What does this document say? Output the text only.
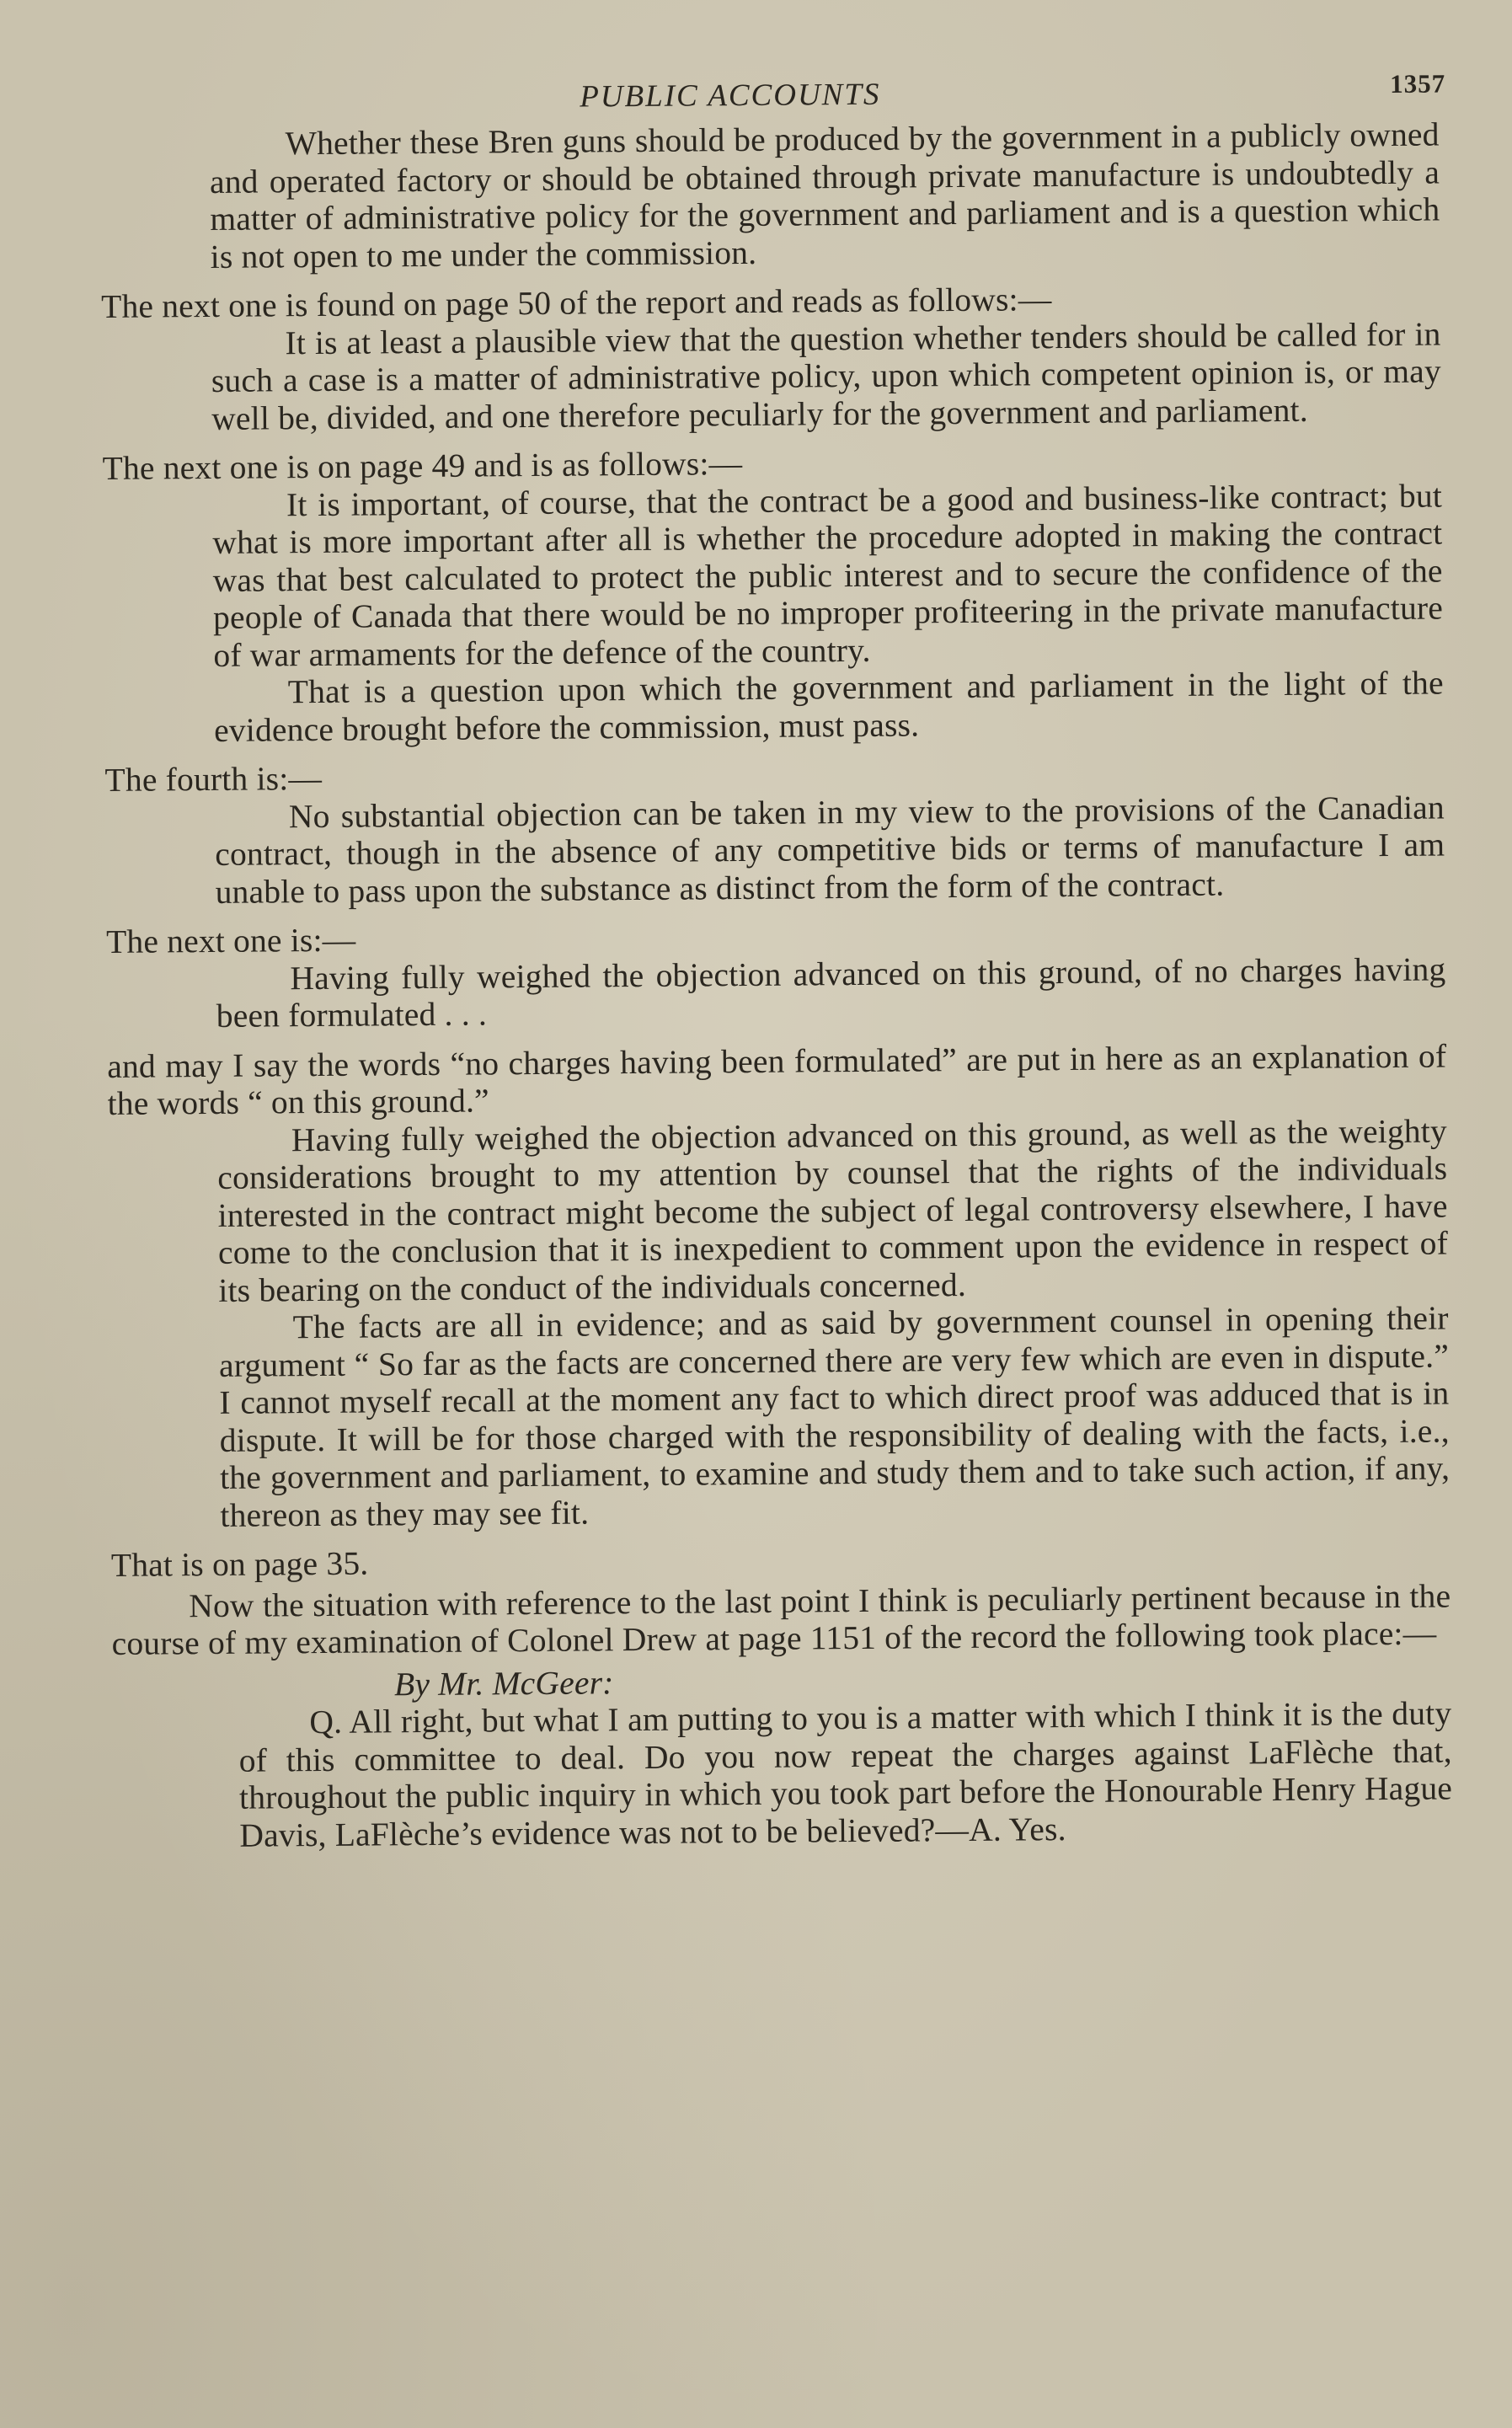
PUBLIC ACCOUNTS	1357

Whether these Bren guns should be produced by the government in a publicly owned and operated factory or should be obtained through private manufacture is undoubtedly a matter of administrative policy for the government and parliament and is a question which is not open to me under the commission.

The next one is found on page 50 of the report and reads as follows:—

It is at least a plausible view that the question whether tenders should be called for in such a case is a matter of administrative policy, upon which competent opinion is, or may well be, divided, and one therefore peculiarly for the government and parliament.

The next one is on page 49 and is as follows:—

It is important, of course, that the contract be a good and business-like contract; but what is more important after all is whether the procedure adopted in making the contract was that best calculated to protect the public interest and to secure the confidence of the people of Canada that there would be no improper profiteering in the private manufacture of war armaments for the defence of the country.

That is a question upon which the government and parliament in the light of the evidence brought before the commission, must pass.

The fourth is:—

No substantial objection can be taken in my view to the provisions of the Canadian contract, though in the absence of any competitive bids or terms of manufacture I am unable to pass upon the substance as distinct from the form of the contract.

The next one is:—

Having fully weighed the objection advanced on this ground, of no charges having been formulated . . .

and may I say the words “no charges having been formulated” are put in here as an explanation of the words “ on this ground.”

Having fully weighed the objection advanced on this ground, as well as the weighty considerations brought to my attention by counsel that the rights of the individuals interested in the contract might become the subject of legal controversy elsewhere, I have come to the conclusion that it is inexpedient to comment upon the evidence in respect of its bearing on the conduct of the individuals concerned.

The facts are all in evidence; and as said by government counsel in opening their argument “ So far as the facts are concerned there are very few which are even in dispute.” I cannot myself recall at the moment any fact to which direct proof was adduced that is in dispute. It will be for those charged with the responsibility of dealing with the facts, i.e., the government and parliament, to examine and study them and to take such action, if any, thereon as they may see fit.

That is on page 35.

Now the situation with reference to the last point I think is peculiarly pertinent because in the course of my examination of Colonel Drew at page 1151 of the record the following took place:—

By Mr. McGeer:

Q. All right, but what I am putting to you is a matter with which I think it is the duty of this committee to deal. Do you now repeat the charges against LaFlèche that, throughout the public inquiry in which you took part before the Honourable Henry Hague Davis, LaFlèche’s evidence was not to be believed?—A. Yes.
